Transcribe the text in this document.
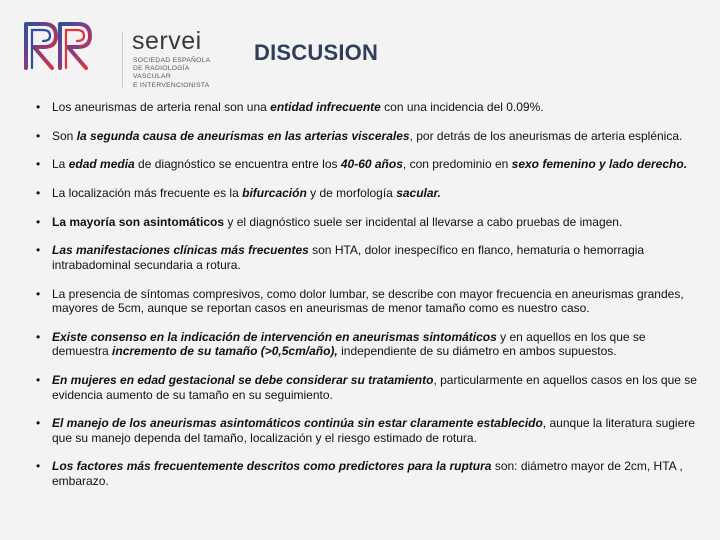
servei
SOCIEDAD ESPAÑOLA
DE RADIOLOGÍA
VASCULAR
E INTERVENCIONISTA
DISCUSION
• Los aneurismas de arteria renal son una entidad infrecuente con una incidencia del 0.09%.
• Son la segunda causa de aneurismas en las arterias viscerales, por detrás de los aneurismas de arteria esplénica.
• La edad media de diagnóstico se encuentra entre los 40-60 años, con predominio en sexo femenino y lado derecho.
• La localización más frecuente es la bifurcación y de morfología sacular.
• La mayoría son asintomáticos y el diagnóstico suele ser incidental al llevarse a cabo pruebas de imagen.
• Las manifestaciones clínicas más frecuentes son HTA, dolor inespecífico en flanco, hematuria o hemorragia intrabadominal secundaria a rotura.
• La presencia de síntomas compresivos, como dolor lumbar, se describe con mayor frecuencia en aneurismas grandes, mayores de 5cm, aunque se reportan casos en aneurismas de menor tamaño como es nuestro caso.
• Existe consenso en la indicación de intervención en aneurismas sintomáticos y en aquellos en los que se demuestra incremento de su tamaño (>0,5cm/año), independiente de su diámetro en ambos supuestos.
• En mujeres en edad gestacional se debe considerar su tratamiento, particularmente en aquellos casos en los que se evidencia aumento de su tamaño en su seguimiento.
• El manejo de los aneurismas asintomáticos continúa sin estar claramente establecido, aunque la literatura sugiere que su manejo dependa del tamaño, localización y el riesgo estimado de rotura.
• Los factores más frecuentemente descritos como predictores para la ruptura son: diámetro mayor de 2cm, HTA , embarazo.
